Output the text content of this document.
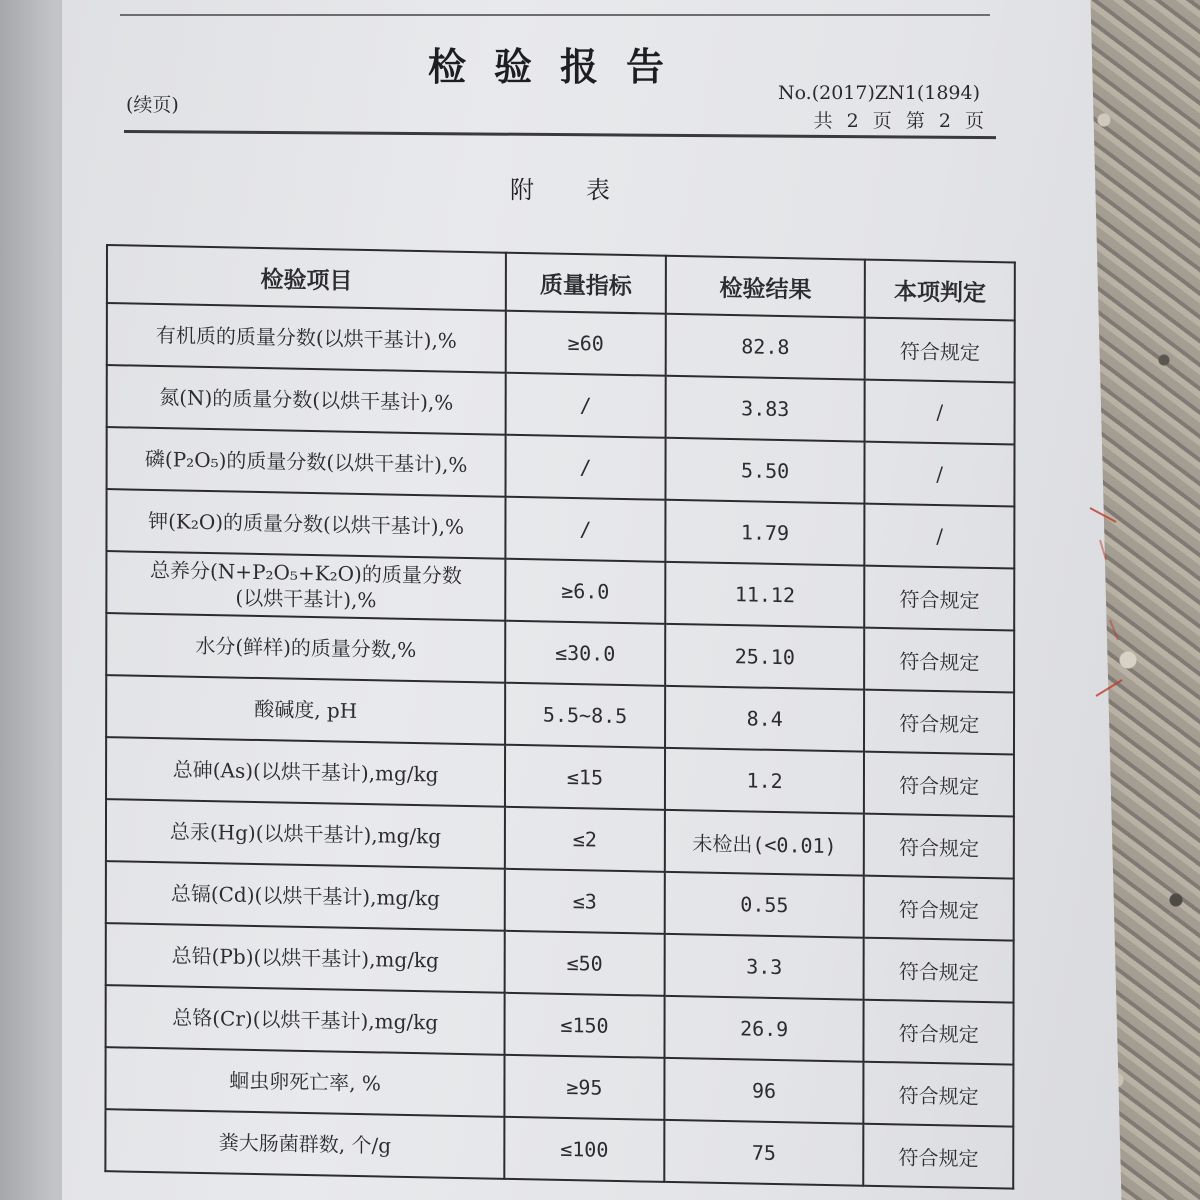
检验报告
(续页)
No.(2017)ZN1(1894)
共 2 页 第 2 页
附表
检验项目	质量指标	检验结果	本项判定

有机质的质量分数(以烘干基计),%	≥60	82.8	符合规定

氮(N)的质量分数(以烘干基计),%	/	3.83	/

磷(P₂O₅)的质量分数(以烘干基计),%	/	5.50	/

钾(K₂O)的质量分数(以烘干基计),%	/	1.79	/

总养分(N+P₂O₅+K₂O)的质量分数
(以烘干基计),%	≥6.0	11.12	符合规定

水分(鲜样)的质量分数,%	≤30.0	25.10	符合规定

酸碱度, pH	5.5~8.5	8.4	符合规定

总砷(As)(以烘干基计),mg/kg	≤15	1.2	符合规定

总汞(Hg)(以烘干基计),mg/kg	≤2	未检出(<0.01)	符合规定

总镉(Cd)(以烘干基计),mg/kg	≤3	0.55	符合规定

总铅(Pb)(以烘干基计),mg/kg	≤50	3.3	符合规定

总铬(Cr)(以烘干基计),mg/kg	≤150	26.9	符合规定

蛔虫卵死亡率, %	≥95	96	符合规定

粪大肠菌群数, 个/g	≤100	75	符合规定
